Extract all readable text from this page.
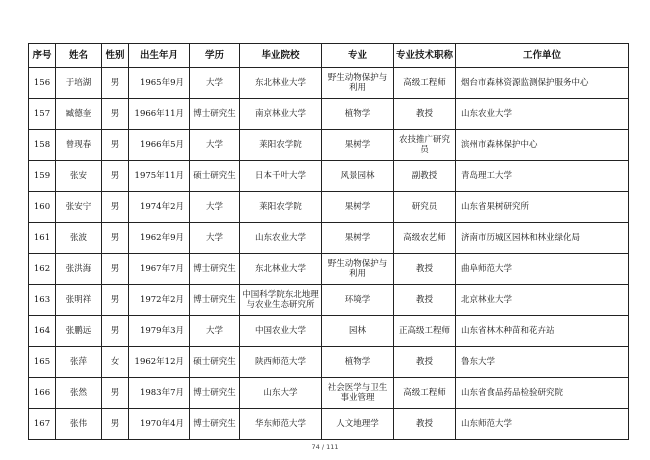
序号	姓名	性别	出生年月	学历	毕业院校	专业	专业技术职称	工作单位
156	于培湖	男	1965年9月	大学	东北林业大学	野生动物保护与利用	高级工程师	烟台市森林资源监测保护服务中心
157	臧德奎	男	1966年11月	博士研究生	南京林业大学	植物学	教授	山东农业大学
158	曾现春	男	1966年5月	大学	莱阳农学院	果树学	农技推广研究员	滨州市森林保护中心
159	张安	男	1975年11月	硕士研究生	日本千叶大学	风景园林	副教授	青岛理工大学
160	张安宁	男	1974年2月	大学	莱阳农学院	果树学	研究员	山东省果树研究所
161	张波	男	1962年9月	大学	山东农业大学	果树学	高级农艺师	济南市历城区园林和林业绿化局
162	张洪海	男	1967年7月	博士研究生	东北林业大学	野生动物保护与利用	教授	曲阜师范大学
163	张明祥	男	1972年2月	博士研究生	中国科学院东北地理与农业生态研究所	环境学	教授	北京林业大学
164	张鹏远	男	1979年3月	大学	中国农业大学	园林	正高级工程师	山东省林木种苗和花卉站
165	张萍	女	1962年12月	硕士研究生	陕西师范大学	植物学	教授	鲁东大学
166	张然	男	1983年7月	博士研究生	山东大学	社会医学与卫生事业管理	高级工程师	山东省食品药品检验研究院
167	张伟	男	1970年4月	博士研究生	华东师范大学	人文地理学	教授	山东师范大学
74 / 111
